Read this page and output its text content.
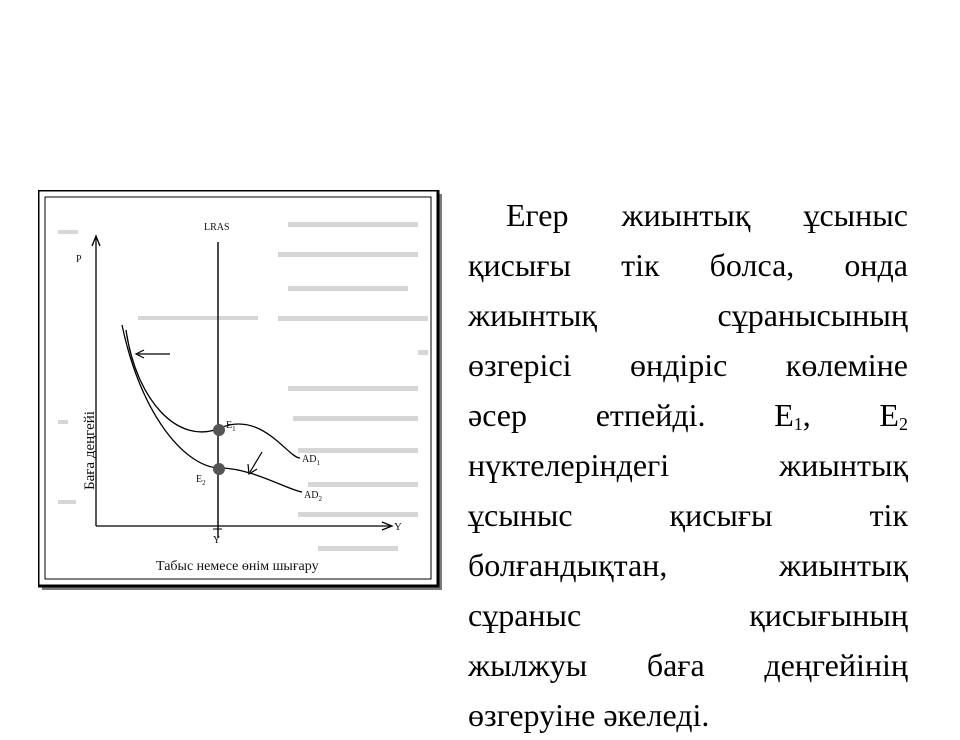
P
Y
LRAS
$AD_1$
$AD_2$
$E_1$
$E_2$
Y
Баға деңгейі
Табыс немесе өнім шығару
Егер жиынтық ұсыныс
қисығы тік болса, онда
жиынтық	сұранысының
өзгерісі өндіріс көлеміне
әсер етпейді. $E_1$, $E_2$
нүктелеріндегі	жиынтық
ұсыныс	қисығы	тік
болғандықтан,	жиынтық
сұраныс	қисығының
жылжуы баға деңгейінің
өзгеруіне
әкеледі.
